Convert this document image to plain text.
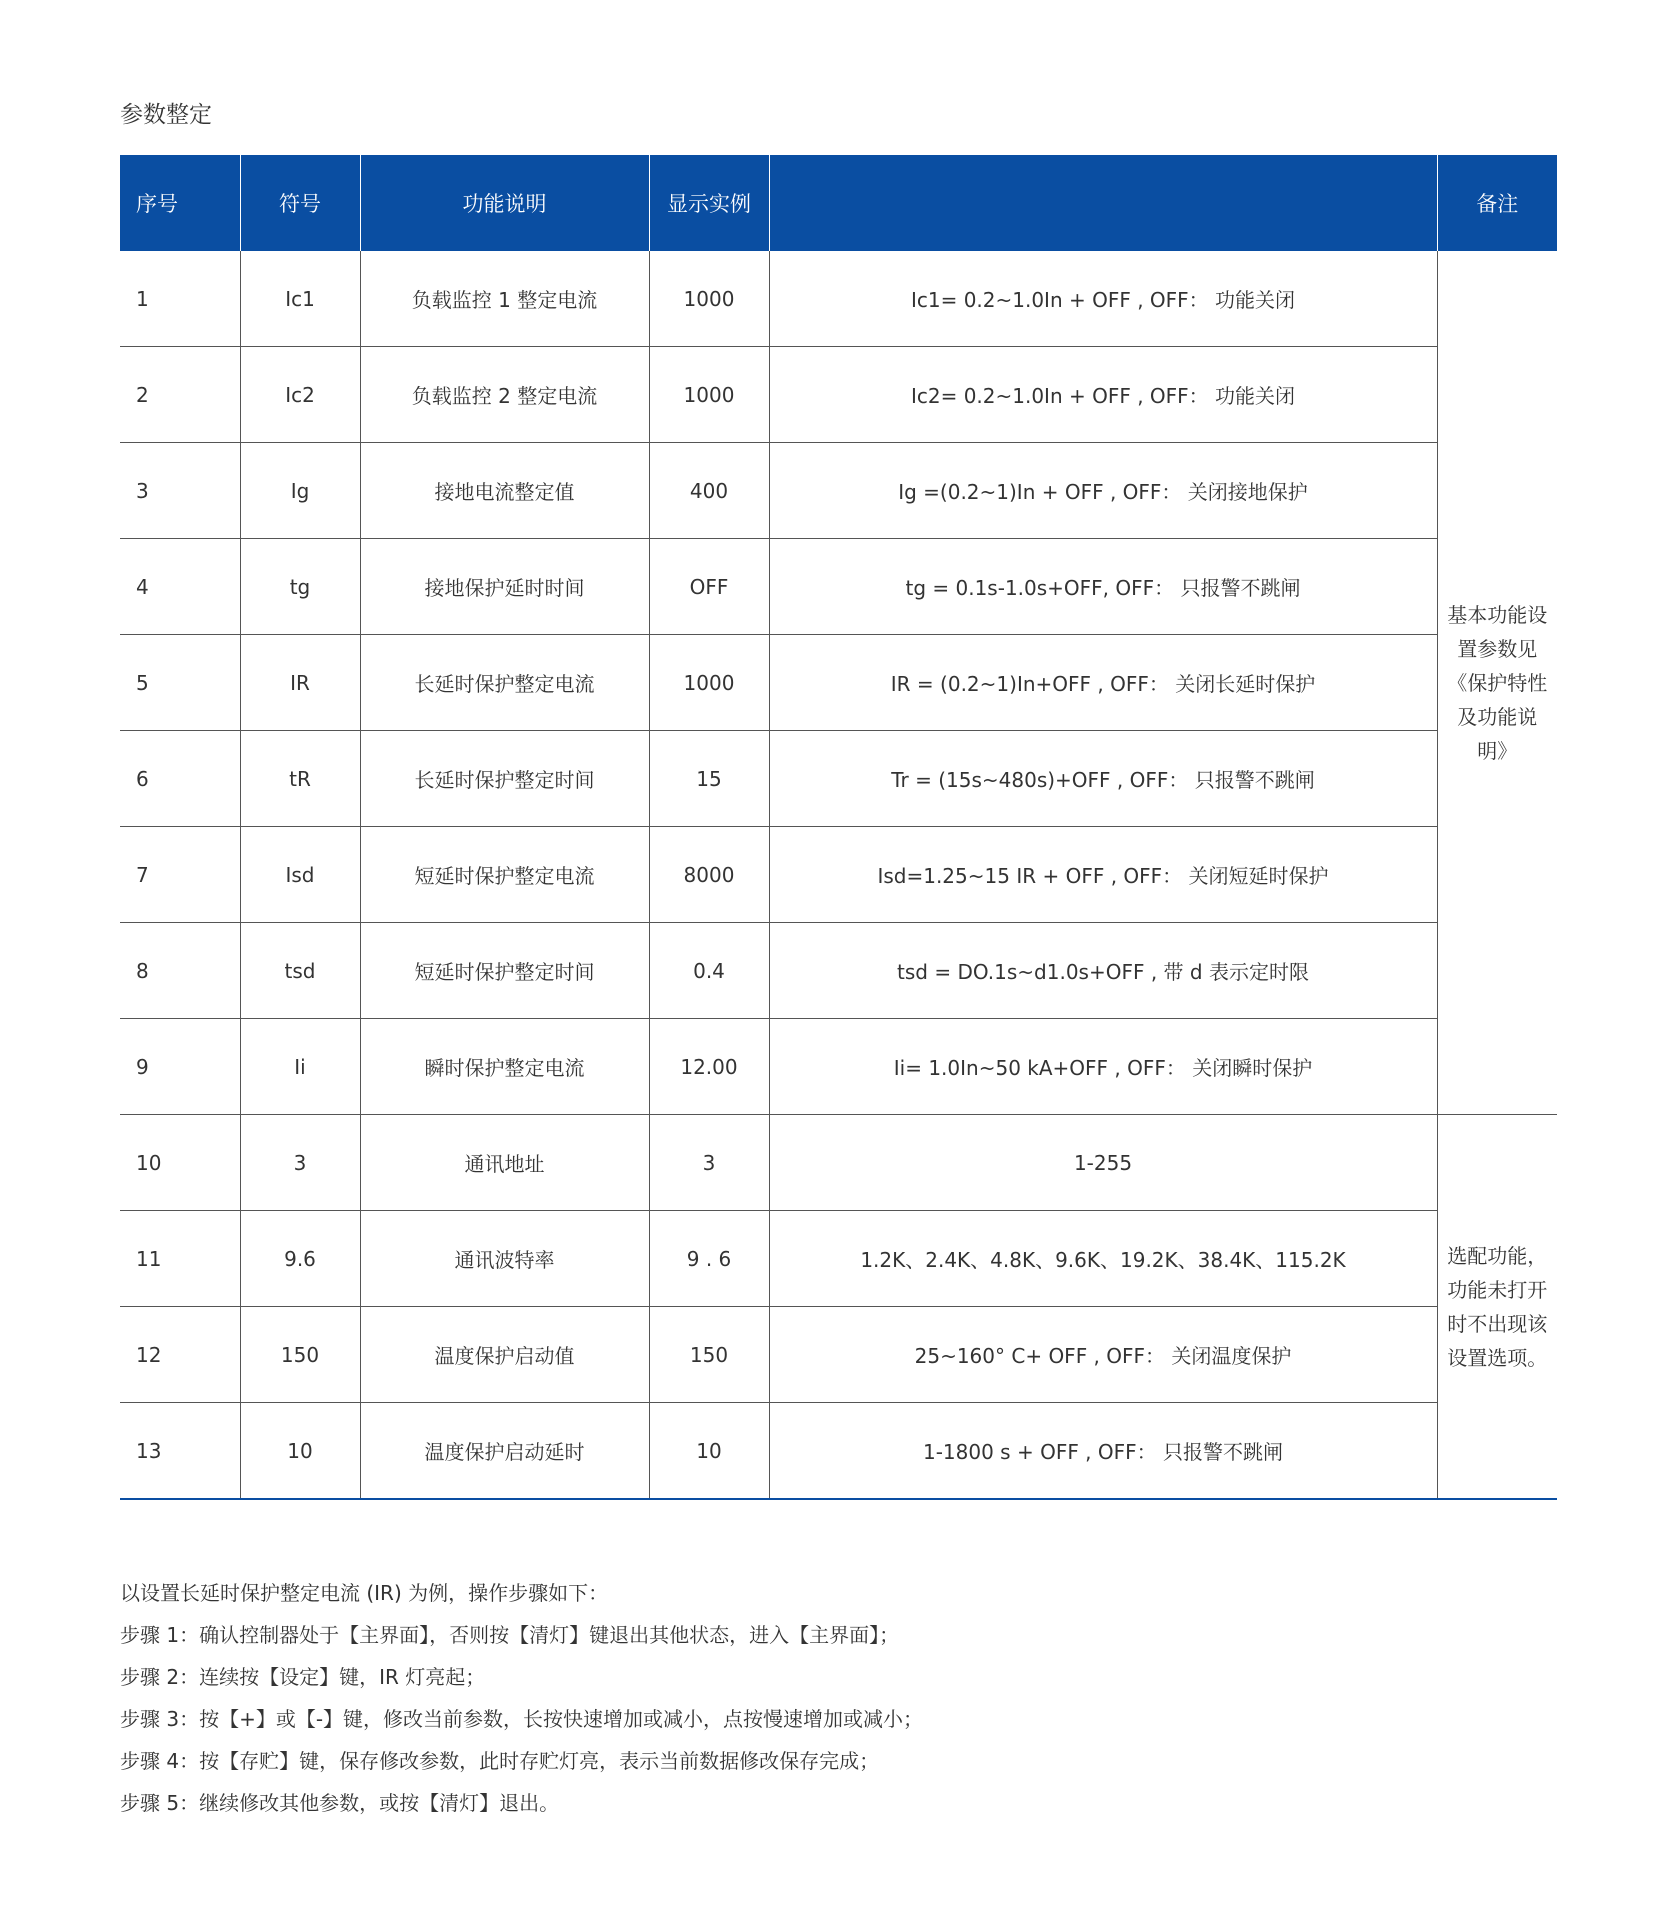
参数整定
序号	符号	功能说明	显示实例		备注
1	Ic1	负载监控 1 整定电流	1000	Ic1= 0.2~1.0In + OFF , OFF： 功能关闭	基本功能设置参数见《保护特性及功能说明》
2	Ic2	负载监控 2 整定电流	1000	Ic2= 0.2~1.0In + OFF , OFF： 功能关闭	
3	Ig	接地电流整定值	400	Ig =(0.2~1)In + OFF , OFF： 关闭接地保护	
4	tg	接地保护延时时间	OFF	tg = 0.1s-1.0s+OFF, OFF： 只报警不跳闸	
5	IR	长延时保护整定电流	1000	IR = (0.2~1)In+OFF , OFF： 关闭长延时保护	
6	tR	长延时保护整定时间	15	Tr = (15s~480s)+OFF , OFF： 只报警不跳闸	
7	Isd	短延时保护整定电流	8000	Isd=1.25~15 IR + OFF , OFF： 关闭短延时保护	
8	tsd	短延时保护整定时间	0.4	tsd = DO.1s~d1.0s+OFF , 带 d 表示定时限	
9	Ii	瞬时保护整定电流	12.00	Ii= 1.0In~50 kA+OFF , OFF： 关闭瞬时保护	
10	3	通讯地址	3	1-255	选配功能，功能未打开时不出现该设置选项。
11	9.6	通讯波特率	9 . 6	1.2K、2.4K、4.8K、9.6K、19.2K、38.4K、115.2K	
12	150	温度保护启动值	150	25~160° C+ OFF , OFF： 关闭温度保护	
13	10	温度保护启动延时	10	1-1800 s + OFF , OFF： 只报警不跳闸	
以设置长延时保护整定电流 (IR) 为例，操作步骤如下：
步骤 1：确认控制器处于【主界面】，否则按【清灯】键退出其他状态，进入【主界面】；
步骤 2：连续按【设定】键，IR 灯亮起；
步骤 3：按【+】或【-】键，修改当前参数，长按快速增加或减小，点按慢速增加或减小；
步骤 4：按【存贮】键，保存修改参数，此时存贮灯亮，表示当前数据修改保存完成；
步骤 5：继续修改其他参数，或按【清灯】退出。
